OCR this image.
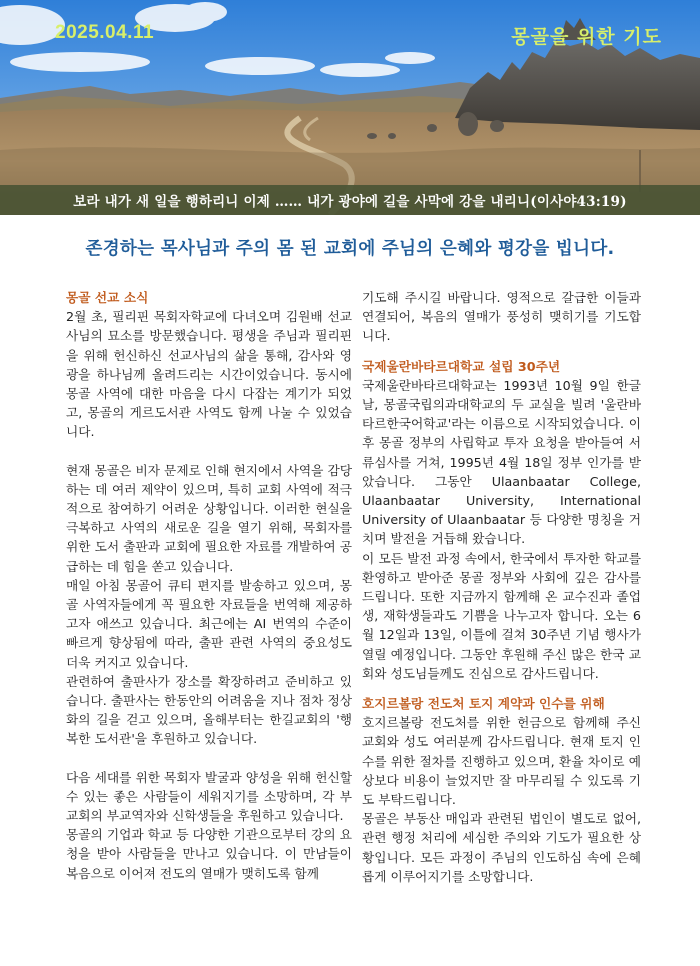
2025.04.11	몽골을 위한 기도
보라 내가 새 일을 행하리니 이제 …… 내가 광야에 길을 사막에 강을 내리니(이사야43:19)
존경하는 목사님과 주의 몸 된 교회에 주님의 은혜와 평강을 빕니다.
몽골 선교 소식

2월 초, 필리핀 목회자학교에 다녀오며 김원배 선교사님의 묘소를 방문했습니다. 평생을 주님과 필리핀을 위해 헌신하신 선교사님의 삶을 통해, 감사와 영광을 하나님께 올려드리는 시간이었습니다. 동시에 몽골 사역에 대한 마음을 다시 다잡는 계기가 되었고, 몽골의 게르도서관 사역도 함께 나눌 수 있었습니다.

현재 몽골은 비자 문제로 인해 현지에서 사역을 감당하는 데 여러 제약이 있으며, 특히 교회 사역에 적극적으로 참여하기 어려운 상황입니다. 이러한 현실을 극복하고 사역의 새로운 길을 열기 위해, 목회자를 위한 도서 출판과 교회에 필요한 자료를 개발하여 공급하는 데 힘을 쏟고 있습니다.

매일 아침 몽골어 큐티 편지를 발송하고 있으며, 몽골 사역자들에게 꼭 필요한 자료들을 번역해 제공하고자 애쓰고 있습니다. 최근에는 AI 번역의 수준이 빠르게 향상됨에 따라, 출판 관련 사역의 중요성도 더욱 커지고 있습니다.

관련하여 출판사가 장소를 확장하려고 준비하고 있습니다. 출판사는 한동안의 어려움을 지나 점차 정상화의 길을 걷고 있으며, 올해부터는 한길교회의 '행복한 도서관'을 후원하고 있습니다.

다음 세대를 위한 목회자 발굴과 양성을 위해 헌신할 수 있는 좋은 사람들이 세워지기를 소망하며, 각 부교회의 부교역자와 신학생들을 후원하고 있습니다.

몽골의 기업과 학교 등 다양한 기관으로부터 강의 요청을 받아 사람들을 만나고 있습니다. 이 만남들이 복음으로 이어져 전도의 열매가 맺히도록 함께

기도해 주시길 바랍니다. 영적으로 갈급한 이들과 연결되어, 복음의 열매가 풍성히 맺히기를 기도합니다.

국제울란바타르대학교 설립 30주년

국제울란바타르대학교는 1993년 10월 9일 한글날, 몽골국립의과대학교의 두 교실을 빌려 '울란바타르한국어학교'라는 이름으로 시작되었습니다. 이후 몽골 정부의 사립학교 투자 요청을 받아들여 서류심사를 거쳐, 1995년 4월 18일 정부 인가를 받았습니다. 그동안 Ulaanbaatar College, Ulaanbaatar University, International University of Ulaanbaatar 등 다양한 명칭을 거치며 발전을 거듭해 왔습니다.

이 모든 발전 과정 속에서, 한국에서 투자한 학교를 환영하고 받아준 몽골 정부와 사회에 깊은 감사를 드립니다. 또한 지금까지 함께해 온 교수진과 졸업생, 재학생들과도 기쁨을 나누고자 합니다. 오는 6월 12일과 13일, 이틀에 걸쳐 30주년 기념 행사가 열릴 예정입니다. 그동안 후원해 주신 많은 한국 교회와 성도님들께도 진심으로 감사드립니다.

호지르볼랑 전도처 토지 계약과 인수를 위해

호지르볼랑 전도처를 위한 헌금으로 함께해 주신 교회와 성도 여러분께 감사드립니다. 현재 토지 인수를 위한 절차를 진행하고 있으며, 환율 차이로 예상보다 비용이 늘었지만 잘 마무리될 수 있도록 기도 부탁드립니다.

몽골은 부동산 매입과 관련된 법인이 별도로 없어, 관련 행정 처리에 세심한 주의와 기도가 필요한 상황입니다. 모든 과정이 주님의 인도하심 속에 은혜롭게 이루어지기를 소망합니다.
